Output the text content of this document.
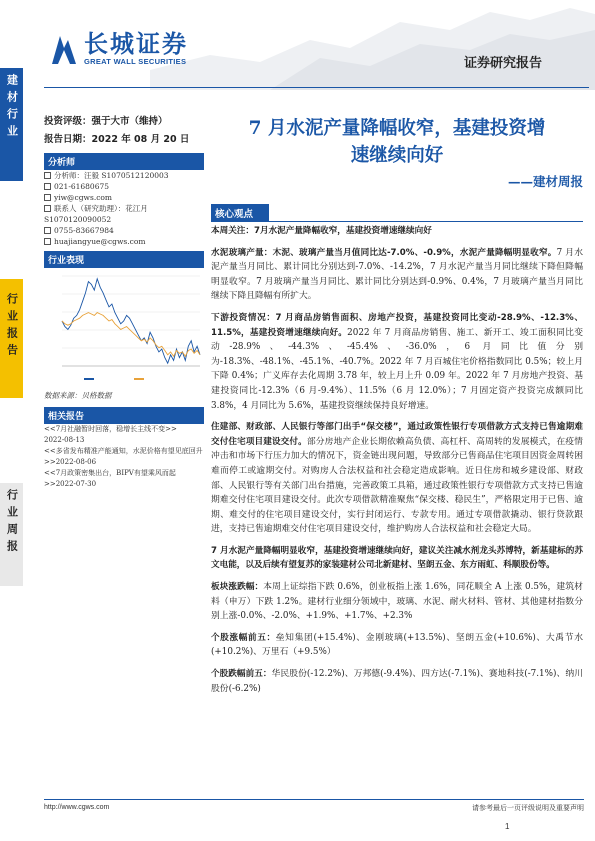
长城证券
GREAT WALL SECURITIES	证券研究报告
建材行业
行业报告
行业周报
投资评级：强于大市（维持）
报告日期：2022 年 08 月 20 日
分析师
分析师：汪毅 S1070512120003
021-61680675
yiw@cgws.com
联系人（研究助理）：花江月
S1070120090052
0755-83667984
huajiangyue@cgws.com
行业表现
数据来源：贝格数据
相关报告
<<7月社融暂时回落，稳增长主线不变>>
2022-08-13
<<多省发布精准产能通知，水泥价格有望见底回升>>2022-08-06
<<7月政策密集出台，BIPV有望乘风而起>>2022-07-30
7 月水泥产量降幅收窄，基建投资增
速继续向好
——建材周报
核心观点

本周关注：7月水泥产量降幅收窄，基建投资增速继续向好

水泥玻璃产量：木泥、玻璃产量当月值同比达-7.0%、-0.9%，水泥产量降幅明显收窄。7 月水泥产量当月同比、累计同比分别达到-7.0%、-14.2%，7 月水泥产量当月同比继续下降但降幅明显收窄。7 月玻璃产量当月同比、累计同比分别达到-0.9%、0.4%，7 月玻璃产量当月同比继续下降且降幅有所扩大。

下游投资情况：7 月商品房销售面积、房地产投资，基建投资同比变动-28.9%、-12.3%、11.5%，基建投资增速继续向好。2022 年 7 月商品房销售、施工、新开工、竣工面积同比变动-28.9%、-44.3%、-45.4%、-36.0%，6 月同比值分别为-18.3%、-48.1%、-45.1%、-40.7%。2022 年 7 月百城住宅价格指数同比 0.5%；较上月下降 0.4%；广义库存去化周期 3.78 年，较上月上升 0.09 年。2022 年 7 月房地产投资、基建投资同比-12.3%（6 月-9.4%）、11.5%（6 月 12.0%）；7 月固定资产投资完成额同比 3.8%，4 月同比为 5.6%，基建投资继续保持良好增速。

住建部、财政部、人民银行等部门出手“保交楼”，通过政策性银行专项借款方式支持已售逾期难交付住宅项目建设交付。部分房地产企业长期依赖高负债、高杠杆、高周转的发展模式，在疫情冲击和市场下行压力加大的情况下，资金链出现问题，导致部分已售商品住宅项目因资金周转困难而停工或逾期交付。对购房人合法权益和社会稳定造成影响。近日住房和城乡建设部、财政部、人民银行等有关部门出台措施，完善政策工具箱，通过政策性银行专项借款方式支持已售逾期难交付住宅项目建设交付。此次专项借款精准聚焦“保交楼、稳民生”，严格限定用于已售、逾期、难交付的住宅项目建设交付，实行封闭运行、专款专用。通过专项借款撬动、银行贷款跟进，支持已售逾期难交付住宅项目建设交付，维护购房人合法权益和社会稳定大局。

7 月水泥产量降幅明显收窄，基建投资增速继续向好，建议关注减水剂龙头苏博特，新基建标的苏文电能，以及后续有望复苏的家装建材公司北新建材、坚朗五金、东方雨虹、科顺股份等。

板块涨跌幅：本周上证综指下跌 0.6%，创业板指上涨 1.6%，同花顺全 A 上涨 0.5%，建筑材料（申万）下跌 1.2%。建材行业细分领域中，玻璃、水泥、耐火材料、管材、其他建材指数分别上涨-0.0%、-2.0%、+1.9%、+1.7%、+2.3%

个股涨幅前五：垒知集团(+15.4%)、金刚玻璃(+13.5%)、坚朗五金(+10.6%)、大禹节水(+10.2%)、万里石（+9.5%）

个股跌幅前五：华民股份(-12.2%)、万邦德(-9.4%)、四方达(-7.1%)、赛地科技(-7.1%)、纳川股份(-6.2%)

http://www.cgws.com	请参考最后一页评级说明及重要声明
1
